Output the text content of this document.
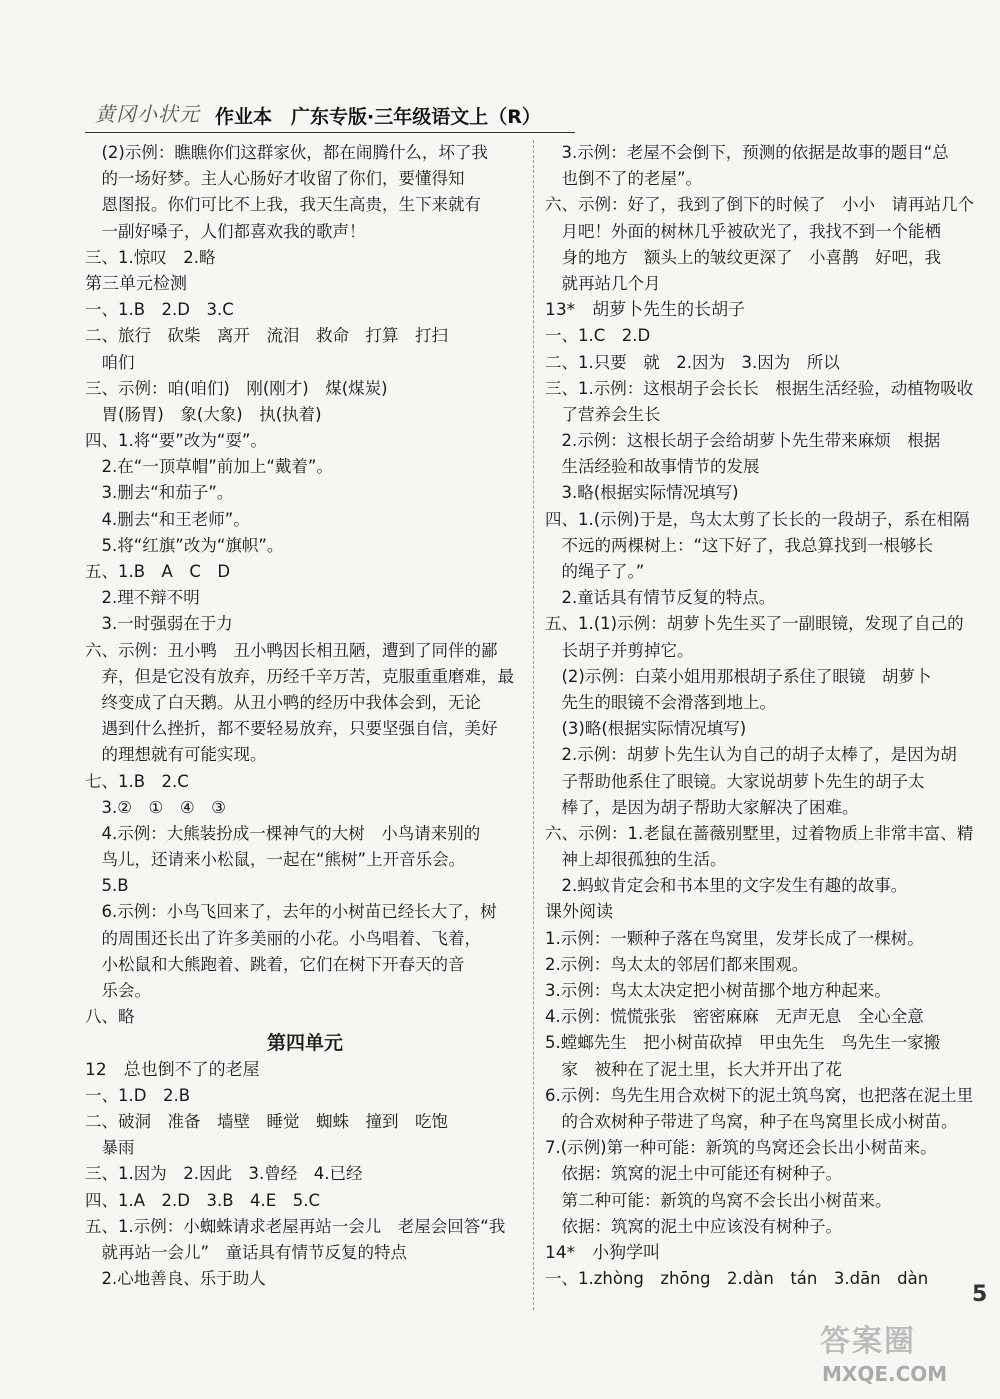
黄冈小状元 作业本　广东专版·三年级语文上（R）
　(2)示例：瞧瞧你们这群家伙，都在闹腾什么，坏了我
　的一场好梦。主人心肠好才收留了你们，要懂得知
　恩图报。你们可比不上我，我天生高贵，生下来就有
　一副好嗓子，人们都喜欢我的歌声！
三、1.惊叹　2.略
第三单元检测
一、1.B　2.D　3.C
二、旅行　砍柴　离开　流泪　救命　打算　打扫
　咱们
三、示例：咱(咱们)　刚(刚才)　煤(煤炭)
　胃(肠胃)　象(大象)　执(执着)
四、1.将“要”改为“耍”。
　2.在“一顶草帽”前加上“戴着”。
　3.删去“和茄子”。
　4.删去“和王老师”。
　5.将“红旗”改为“旗帜”。
五、1.B　A　C　D
　2.理不辩不明
　3.一时强弱在于力
六、示例：丑小鸭　丑小鸭因长相丑陋，遭到了同伴的鄙
　弃，但是它没有放弃，历经千辛万苦，克服重重磨难，最
　终变成了白天鹅。从丑小鸭的经历中我体会到，无论
　遇到什么挫折，都不要轻易放弃，只要坚强自信，美好
　的理想就有可能实现。
七、1.B　2.C
　3.②　①　④　③
　4.示例：大熊装扮成一棵神气的大树　小鸟请来别的
　鸟儿，还请来小松鼠，一起在“熊树”上开音乐会。
　5.B
　6.示例：小鸟飞回来了，去年的小树苗已经长大了，树
　的周围还长出了许多美丽的小花。小鸟唱着、飞着，
　小松鼠和大熊跑着、跳着，它们在树下开春天的音
　乐会。
八、略
第四单元
12　总也倒不了的老屋
一、1.D　2.B
二、破洞　准备　墙壁　睡觉　蜘蛛　撞到　吃饱
　暴雨
三、1.因为　2.因此　3.曾经　4.已经
四、1.A　2.D　3.B　4.E　5.C
五、1.示例：小蜘蛛请求老屋再站一会儿　老屋会回答“我
　就再站一会儿”　童话具有情节反复的特点
　2.心地善良、乐于助人
　3.示例：老屋不会倒下，预测的依据是故事的题目“总
　也倒不了的老屋”。
六、示例：好了，我到了倒下的时候了　小小　请再站几个
　月吧！外面的树林几乎被砍光了，我找不到一个能栖
　身的地方　额头上的皱纹更深了　小喜鹊　好吧，我
　就再站几个月
13*　胡萝卜先生的长胡子
一、1.C　2.D
二、1.只要　就　2.因为　3.因为　所以
三、1.示例：这根胡子会长长　根据生活经验，动植物吸收
　了营养会生长
　2.示例：这根长胡子会给胡萝卜先生带来麻烦　根据
　生活经验和故事情节的发展
　3.略(根据实际情况填写)
四、1.(示例)于是，鸟太太剪了长长的一段胡子，系在相隔
　不远的两棵树上：“这下好了，我总算找到一根够长
　的绳子了。”
　2.童话具有情节反复的特点。
五、1.(1)示例：胡萝卜先生买了一副眼镜，发现了自己的
　长胡子并剪掉它。
　(2)示例：白菜小姐用那根胡子系住了眼镜　胡萝卜
　先生的眼镜不会滑落到地上。
　(3)略(根据实际情况填写)
　2.示例：胡萝卜先生认为自己的胡子太棒了，是因为胡
　子帮助他系住了眼镜。大家说胡萝卜先生的胡子太
　棒了，是因为胡子帮助大家解决了困难。
六、示例：1.老鼠在蔷薇别墅里，过着物质上非常丰富、精
　神上却很孤独的生活。
　2.蚂蚁肯定会和书本里的文字发生有趣的故事。
课外阅读
1.示例：一颗种子落在鸟窝里，发芽长成了一棵树。
2.示例：鸟太太的邻居们都来围观。
3.示例：鸟太太决定把小树苗挪个地方种起来。
4.示例：慌慌张张　密密麻麻　无声无息　全心全意
5.螳螂先生　把小树苗砍掉　甲虫先生　鸟先生一家搬
　家　被种在了泥土里，长大并开出了花
6.示例：鸟先生用合欢树下的泥土筑鸟窝，也把落在泥土里
　的合欢树种子带进了鸟窝，种子在鸟窝里长成小树苗。
7.(示例)第一种可能：新筑的鸟窝还会长出小树苗来。
　依据：筑窝的泥土中可能还有树种子。
　第二种可能：新筑的鸟窝不会长出小树苗来。
　依据：筑窝的泥土中应该没有树种子。
14*　小狗学叫
一、1.zhòng　zhōng　2.dàn　tán　3.dān　dàn
5
答案圈
MXQE.COM
